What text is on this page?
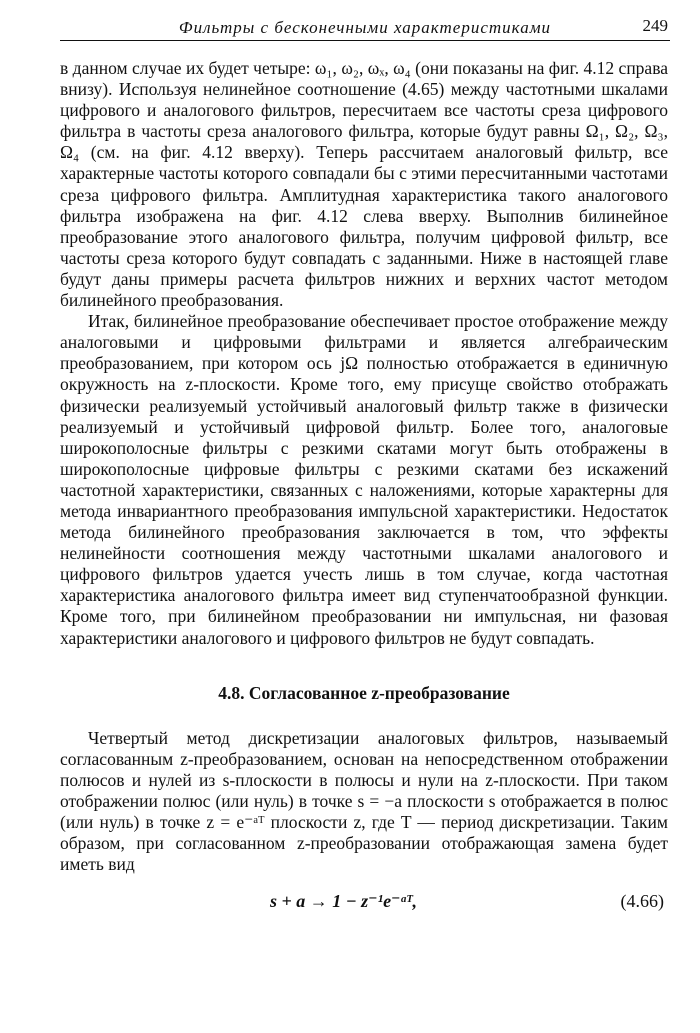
Фильтры с бесконечными характеристиками	249

в данном случае их будет четыре: ω₁, ω₂, ωₓ, ω₄ (они показаны на фиг. 4.12 справа внизу). Используя нелинейное соотношение (4.65) между частотными шкалами цифрового и аналогового фильтров, пересчитаем все частоты среза цифрового фильтра в частоты среза аналогового фильтра, которые будут равны Ω₁, Ω₂, Ω₃, Ω₄ (см. на фиг. 4.12 вверху). Теперь рассчитаем аналоговый фильтр, все характерные частоты которого совпадали бы с этими пересчитанными частотами среза цифрового фильтра. Амплитудная характеристика такого аналогового фильтра изображена на фиг. 4.12 слева вверху. Выполнив билинейное преобразование этого аналогового фильтра, получим цифровой фильтр, все частоты среза которого будут совпадать с заданными. Ниже в настоящей главе будут даны примеры расчета фильтров нижних и верхних частот методом билинейного преобразования.

Итак, билинейное преобразование обеспечивает простое отображение между аналоговыми и цифровыми фильтрами и является алгебраическим преобразованием, при котором ось jΩ полностью отображается в единичную окружность на z-плоскости. Кроме того, ему присуще свойство отображать физически реализуемый устойчивый аналоговый фильтр также в физически реализуемый и устойчивый цифровой фильтр. Более того, аналоговые широкополосные фильтры с резкими скатами могут быть отображены в широкополосные цифровые фильтры с резкими скатами без искажений частотной характеристики, связанных с наложениями, которые характерны для метода инвариантного преобразования импульсной характеристики. Недостаток метода билинейного преобразования заключается в том, что эффекты нелинейности соотношения между частотными шкалами аналогового и цифрового фильтров удается учесть лишь в том случае, когда частотная характеристика аналогового фильтра имеет вид ступенчатообразной функции. Кроме того, при билинейном преобразовании ни импульсная, ни фазовая характеристики аналогового и цифрового фильтров не будут совпадать.

4.8. Согласованное z-преобразование

Четвертый метод дискретизации аналоговых фильтров, называемый согласованным z-преобразованием, основан на непосредственном отображении полюсов и нулей из s-плоскости в полюсы и нули на z-плоскости. При таком отображении полюс (или нуль) в точке s = −a плоскости s отображается в полюс (или нуль) в точке z = e⁻ᵃᵀ плоскости z, где T — период дискретизации. Таким образом, при согласованном z-преобразовании отображающая замена будет иметь вид

s + a → 1 − z⁻¹e⁻ᵃᵀ,	(4.66)
